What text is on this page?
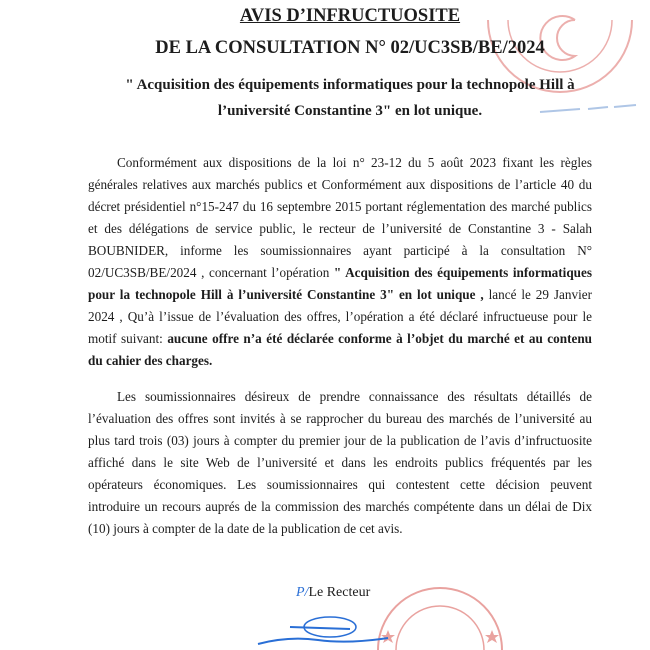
AVIS D’INFRUCTUOSITE
DE LA CONSULTATION N° 02/UC3SB/BE/2024
" Acquisition des équipements informatiques pour la technopole Hill à
l’université Constantine 3" en lot unique.
Conformément aux dispositions de la loi n° 23-12 du 5 août 2023 fixant les règles
générales relatives aux marchés publics et Conformément aux dispositions de l’article 40 du
décret présidentiel n°15-247 du 16 septembre 2015 portant réglementation des marché publics
et des délégations de service public, le recteur de l’université de Constantine 3 - Salah
BOUBNIDER, informe les soumissionnaires ayant participé à la consultation N°
02/UC3SB/BE/2024 , concernant l’opération " Acquisition des équipements informatiques
pour la technopole Hill à l’université Constantine 3" en lot unique , lancé le 29 Janvier
2024 , Qu’à l’issue de l’évaluation des offres, l’opération a été déclaré infructueuse pour le
motif suivant: aucune offre n’a été déclarée conforme à l’objet du marché et au contenu
du cahier des charges.
Les soumissionnaires désireux de prendre connaissance des résultats détaillés de
l’évaluation des offres sont invités à se rapprocher du bureau des marchés de l’université au
plus tard trois (03) jours à compter du premier jour de la publication de l’avis d’infructuosite
affiché dans le site Web de l’université et dans les endroits publics fréquentés par les
opérateurs économiques. Les soumissionnaires qui contestent cette décision peuvent
introduire un recours auprés de la commission des marchés compétente dans un délai de Dix
(10) jours à compter de la date de la publication de cet avis.
P/Le Recteur
